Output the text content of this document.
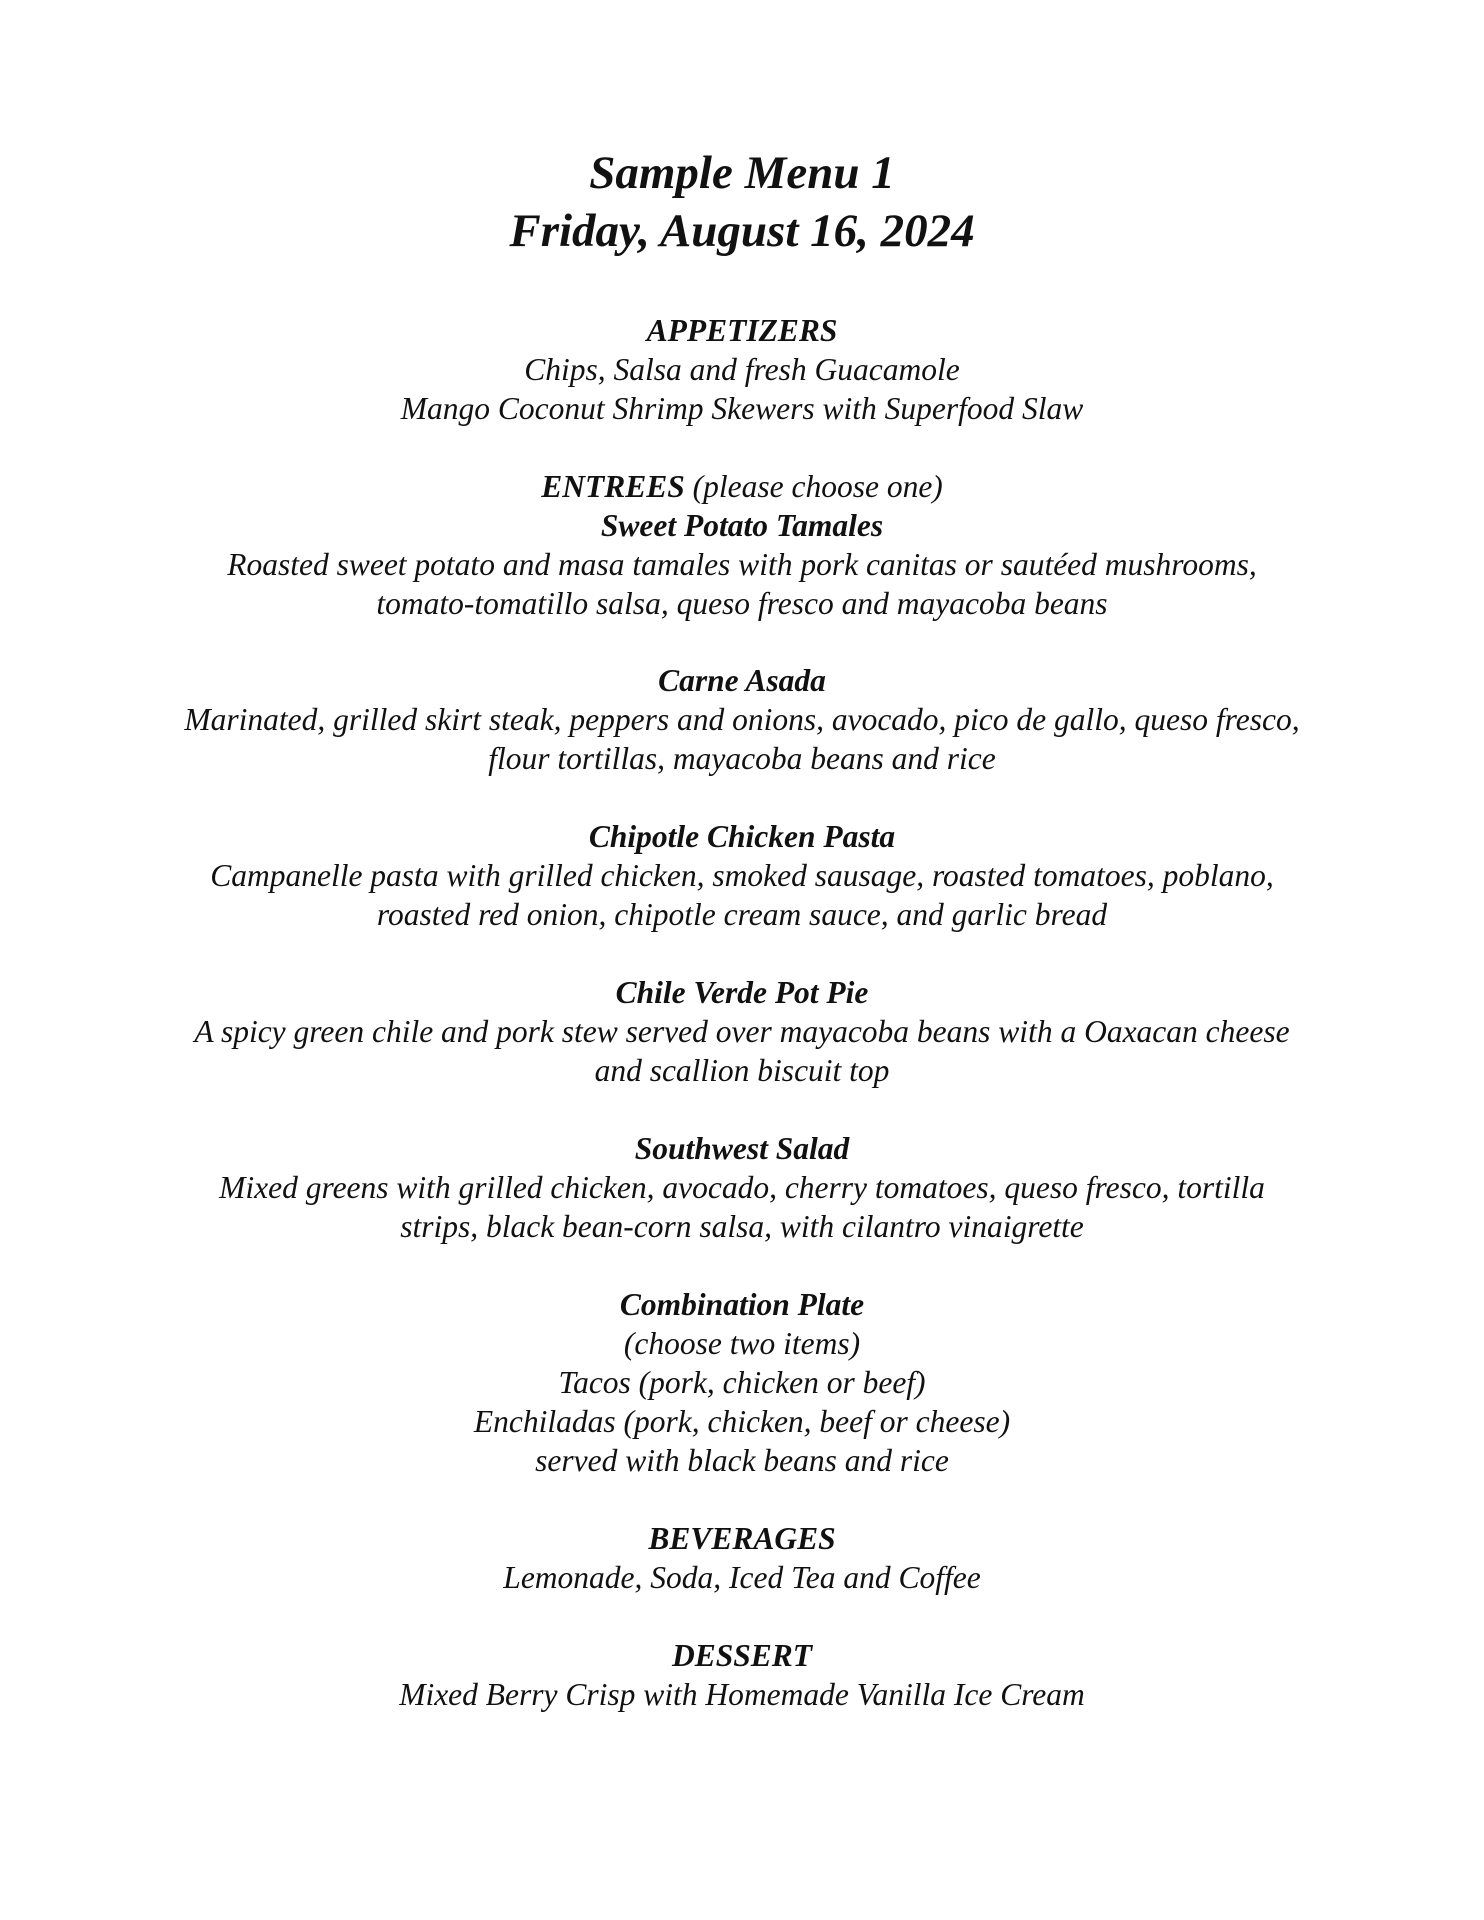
Sample Menu 1
Friday, August 16, 2024
APPETIZERS
Chips, Salsa and fresh Guacamole
Mango Coconut Shrimp Skewers with Superfood Slaw
ENTREES (please choose one)
Sweet Potato Tamales
Roasted sweet potato and masa tamales with pork canitas or sautéed mushrooms,
tomato-tomatillo salsa, queso fresco and mayacoba beans
Carne Asada
Marinated, grilled skirt steak, peppers and onions, avocado, pico de gallo, queso fresco,
flour tortillas, mayacoba beans and rice
Chipotle Chicken Pasta
Campanelle pasta with grilled chicken, smoked sausage, roasted tomatoes, poblano,
roasted red onion, chipotle cream sauce, and garlic bread
Chile Verde Pot Pie
A spicy green chile and pork stew served over mayacoba beans with a Oaxacan cheese
and scallion biscuit top
Southwest Salad
Mixed greens with grilled chicken, avocado, cherry tomatoes, queso fresco, tortilla
strips, black bean-corn salsa, with cilantro vinaigrette
Combination Plate
(choose two items)
Tacos (pork, chicken or beef)
Enchiladas (pork, chicken, beef or cheese)
served with black beans and rice
BEVERAGES
Lemonade, Soda, Iced Tea and Coffee
DESSERT
Mixed Berry Crisp with Homemade Vanilla Ice Cream
